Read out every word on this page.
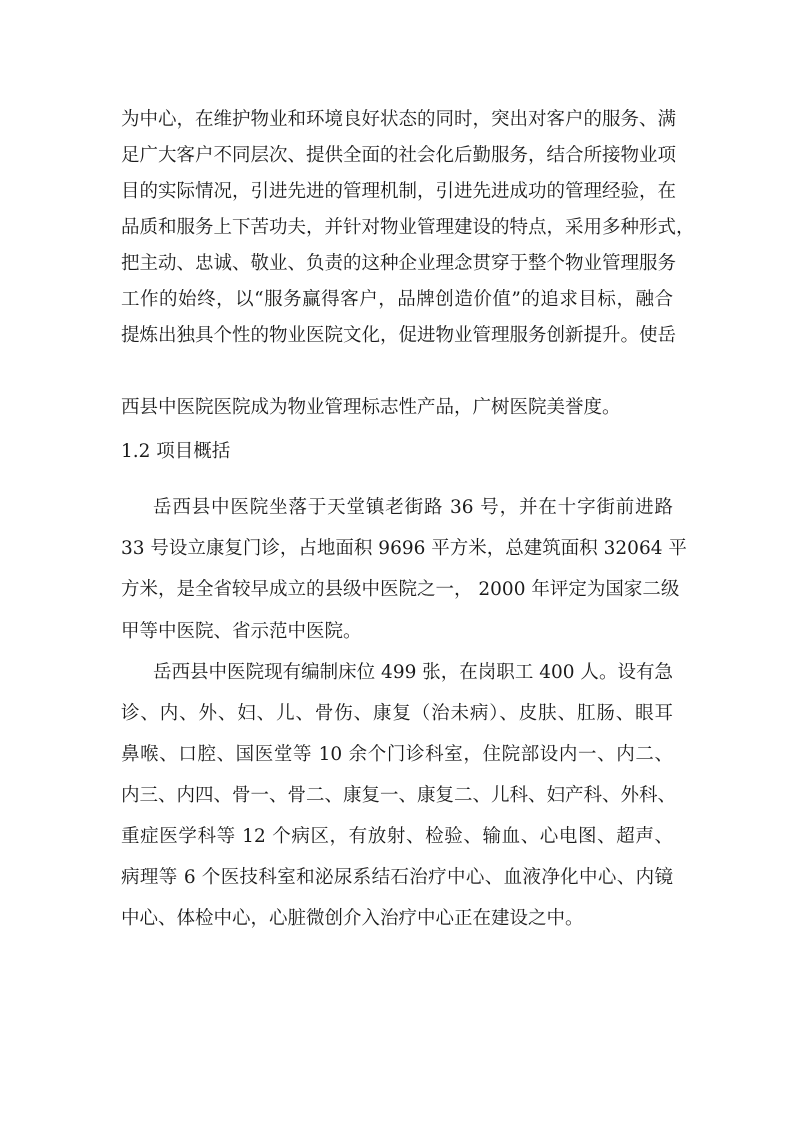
为中心，在维护物业和环境良好状态的同时，突出对客户的服务、满
足广大客户不同层次、提供全面的社会化后勤服务，结合所接物业项
目的实际情况，引进先进的管理机制，引进先进成功的管理经验，在
品质和服务上下苦功夫，并针对物业管理建设的特点，采用多种形式，
把主动、忠诚、敬业、负责的这种企业理念贯穿于整个物业管理服务
工作的始终，以“服务赢得客户，品牌创造价值”的追求目标，融合
提炼出独具个性的物业医院文化，促进物业管理服务创新提升。使岳
西县中医院医院成为物业管理标志性产品，广树医院美誉度。
1.2 项目概括
岳西县中医院坐落于天堂镇老街路 36 号，并在十字街前进路
33 号设立康复门诊，占地面积 9696 平方米，总建筑面积 32064 平
方米，是全省较早成立的县级中医院之一， 2000 年评定为国家二级
甲等中医院、省示范中医院。
岳西县中医院现有编制床位 499 张，在岗职工 400 人。设有急
诊、内、外、妇、儿、骨伤、康复（治未病）、皮肤、肛肠、眼耳
鼻喉、口腔、国医堂等 10 余个门诊科室，住院部设内一、内二、
内三、内四、骨一、骨二、康复一、康复二、儿科、妇产科、外科、
重症医学科等 12 个病区，有放射、检验、输血、心电图、超声、
病理等 6 个医技科室和泌尿系结石治疗中心、血液净化中心、内镜
中心、体检中心，心脏微创介入治疗中心正在建设之中。
